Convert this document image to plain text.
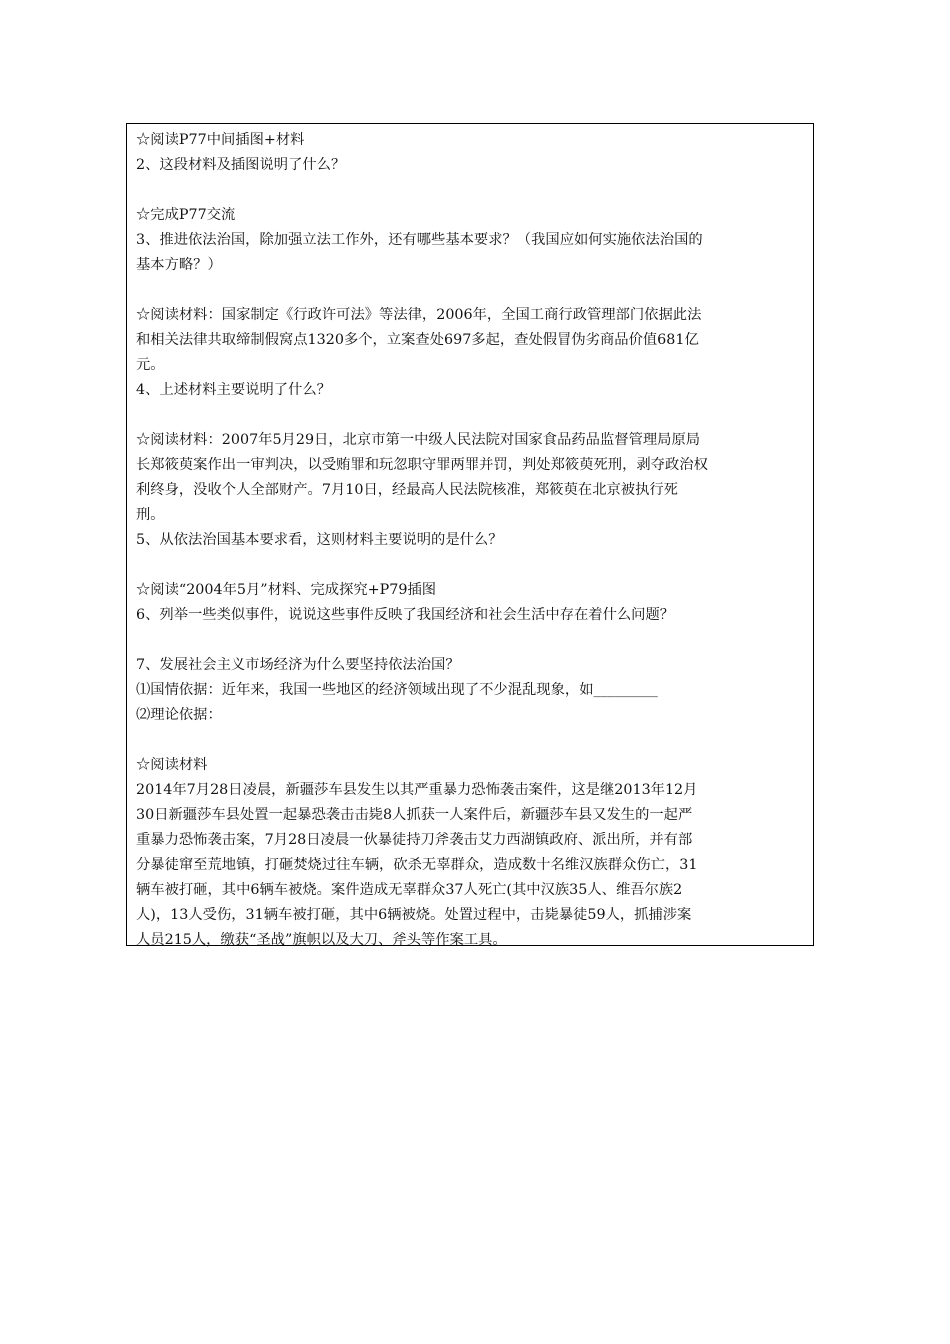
☆阅读P77中间插图+材料
2、这段材料及插图说明了什么？
☆完成P77交流
3、推进依法治国，除加强立法工作外，还有哪些基本要求？（我国应如何实施依法治国的
基本方略？）
☆阅读材料：国家制定《行政许可法》等法律，2006年，全国工商行政管理部门依据此法
和相关法律共取缔制假窝点1320多个，立案查处697多起，查处假冒伪劣商品价值681亿
元。
4、上述材料主要说明了什么？
☆阅读材料：2007年5月29日，北京市第一中级人民法院对国家食品药品监督管理局原局
长郑筱萸案作出一审判决，以受贿罪和玩忽职守罪两罪并罚，判处郑筱萸死刑，剥夺政治权
利终身，没收个人全部财产。7月10日，经最高人民法院核准，郑筱萸在北京被执行死
刑。
5、从依法治国基本要求看，这则材料主要说明的是什么？
☆阅读“2004年5月”材料、完成探究+P79插图
6、列举一些类似事件，说说这些事件反映了我国经济和社会生活中存在着什么问题？
7、发展社会主义市场经济为什么要坚持依法治国？
⑴国情依据：近年来，我国一些地区的经济领域出现了不少混乱现象，如_________
⑵理论依据：
☆阅读材料
2014年7月28日凌晨，新疆莎车县发生以其严重暴力恐怖袭击案件，这是继2013年12月
30日新疆莎车县处置一起暴恐袭击击毙8人抓获一人案件后，新疆莎车县又发生的一起严
重暴力恐怖袭击案，7月28日凌晨一伙暴徒持刀斧袭击艾力西湖镇政府、派出所，并有部
分暴徒窜至荒地镇，打砸焚烧过往车辆，砍杀无辜群众，造成数十名维汉族群众伤亡，31
辆车被打砸，其中6辆车被烧。案件造成无辜群众37人死亡(其中汉族35人、维吾尔族2
人)，13人受伤，31辆车被打砸，其中6辆被烧。处置过程中，击毙暴徒59人，抓捕涉案
人员215人，缴获“圣战”旗帜以及大刀、斧头等作案工具。
